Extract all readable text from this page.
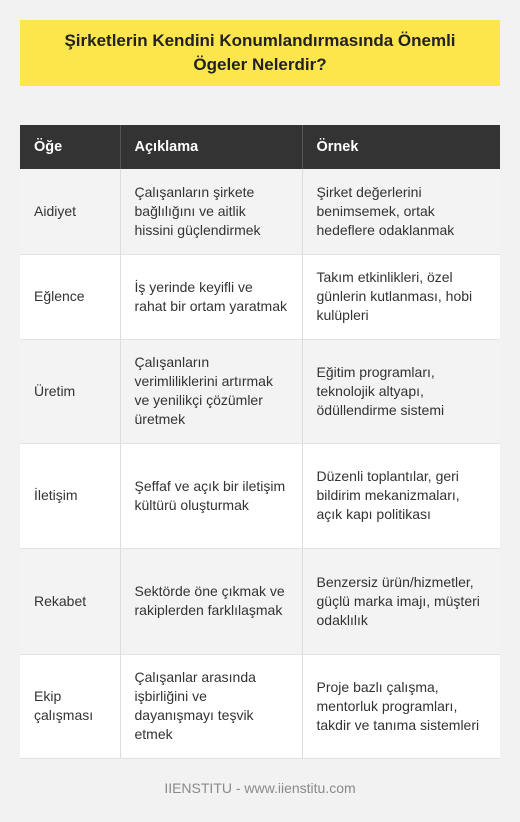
Şirketlerin Kendini Konumlandırmasında Önemli Ögeler Nelerdir?
Öğe	Açıklama	Örnek
Aidiyet	Çalışanların şirkete bağlılığını ve aitlik hissini güçlendirmek	Şirket değerlerini benimsemek, ortak hedeflere odaklanmak
Eğlence	İş yerinde keyifli ve rahat bir ortam yaratmak	Takım etkinlikleri, özel günlerin kutlanması, hobi kulüpleri
Üretim	Çalışanların verimliliklerini artırmak ve yenilikçi çözümler üretmek	Eğitim programları, teknolojik altyapı, ödüllendirme sistemi
İletişim	Şeffaf ve açık bir iletişim kültürü oluşturmak	Düzenli toplantılar, geri bildirim mekanizmaları, açık kapı politikası
Rekabet	Sektörde öne çıkmak ve rakiplerden farklılaşmak	Benzersiz ürün/hizmetler, güçlü marka imajı, müşteri odaklılık
Ekip çalışması	Çalışanlar arasında işbirliğini ve dayanışmayı teşvik etmek	Proje bazlı çalışma, mentorluk programları, takdir ve tanıma sistemleri
IIENSTITU - www.iienstitu.com
